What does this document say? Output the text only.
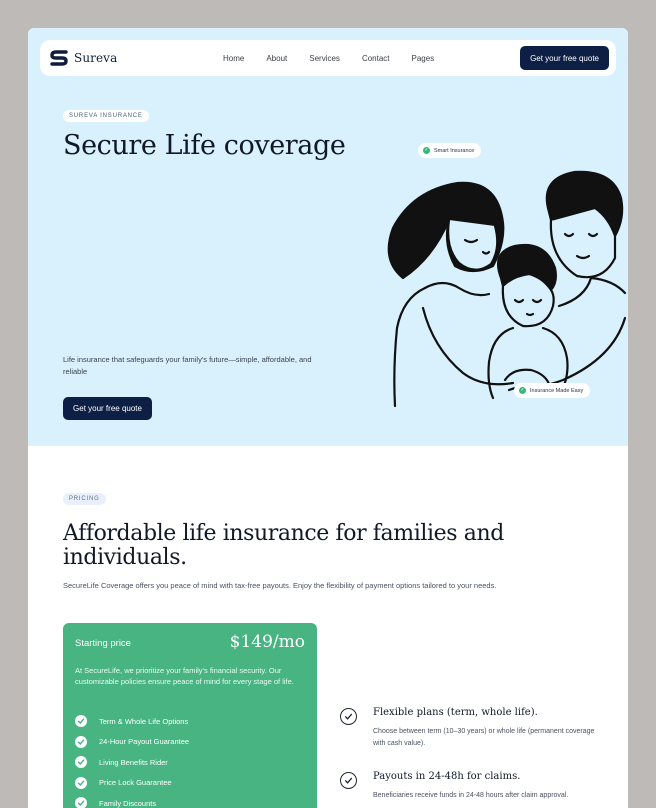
Sureva	Home	About	Services	Contact	Pages	Get your free quote
SUREVA INSURANCE
Secure Life coverage

Life insurance that safeguards your family's future—simple, affordable, and reliable

Get your free quote
✓ Smart Insurance
✓ Insurance Made Easy
PRICING
Affordable life insurance for families and individuals.

SecureLife Coverage offers you peace of mind with tax-free payouts. Enjoy the flexibility of payment options tailored to your needs.

Starting price	$149/mo

At SecureLife, we prioritize your family's financial security. Our customizable policies ensure peace of mind for every stage of life.

Term & Whole Life Options
24-Hour Payout Guarantee
Living Benefits Rider
Price Lock Guarantee
Family Discounts
Flexible plans (term, whole life).
Choose between term (10–30 years) or whole life (permanent coverage with cash value).
Payouts in 24-48h for claims.
Beneficiaries receive funds in 24-48 hours after claim approval.
